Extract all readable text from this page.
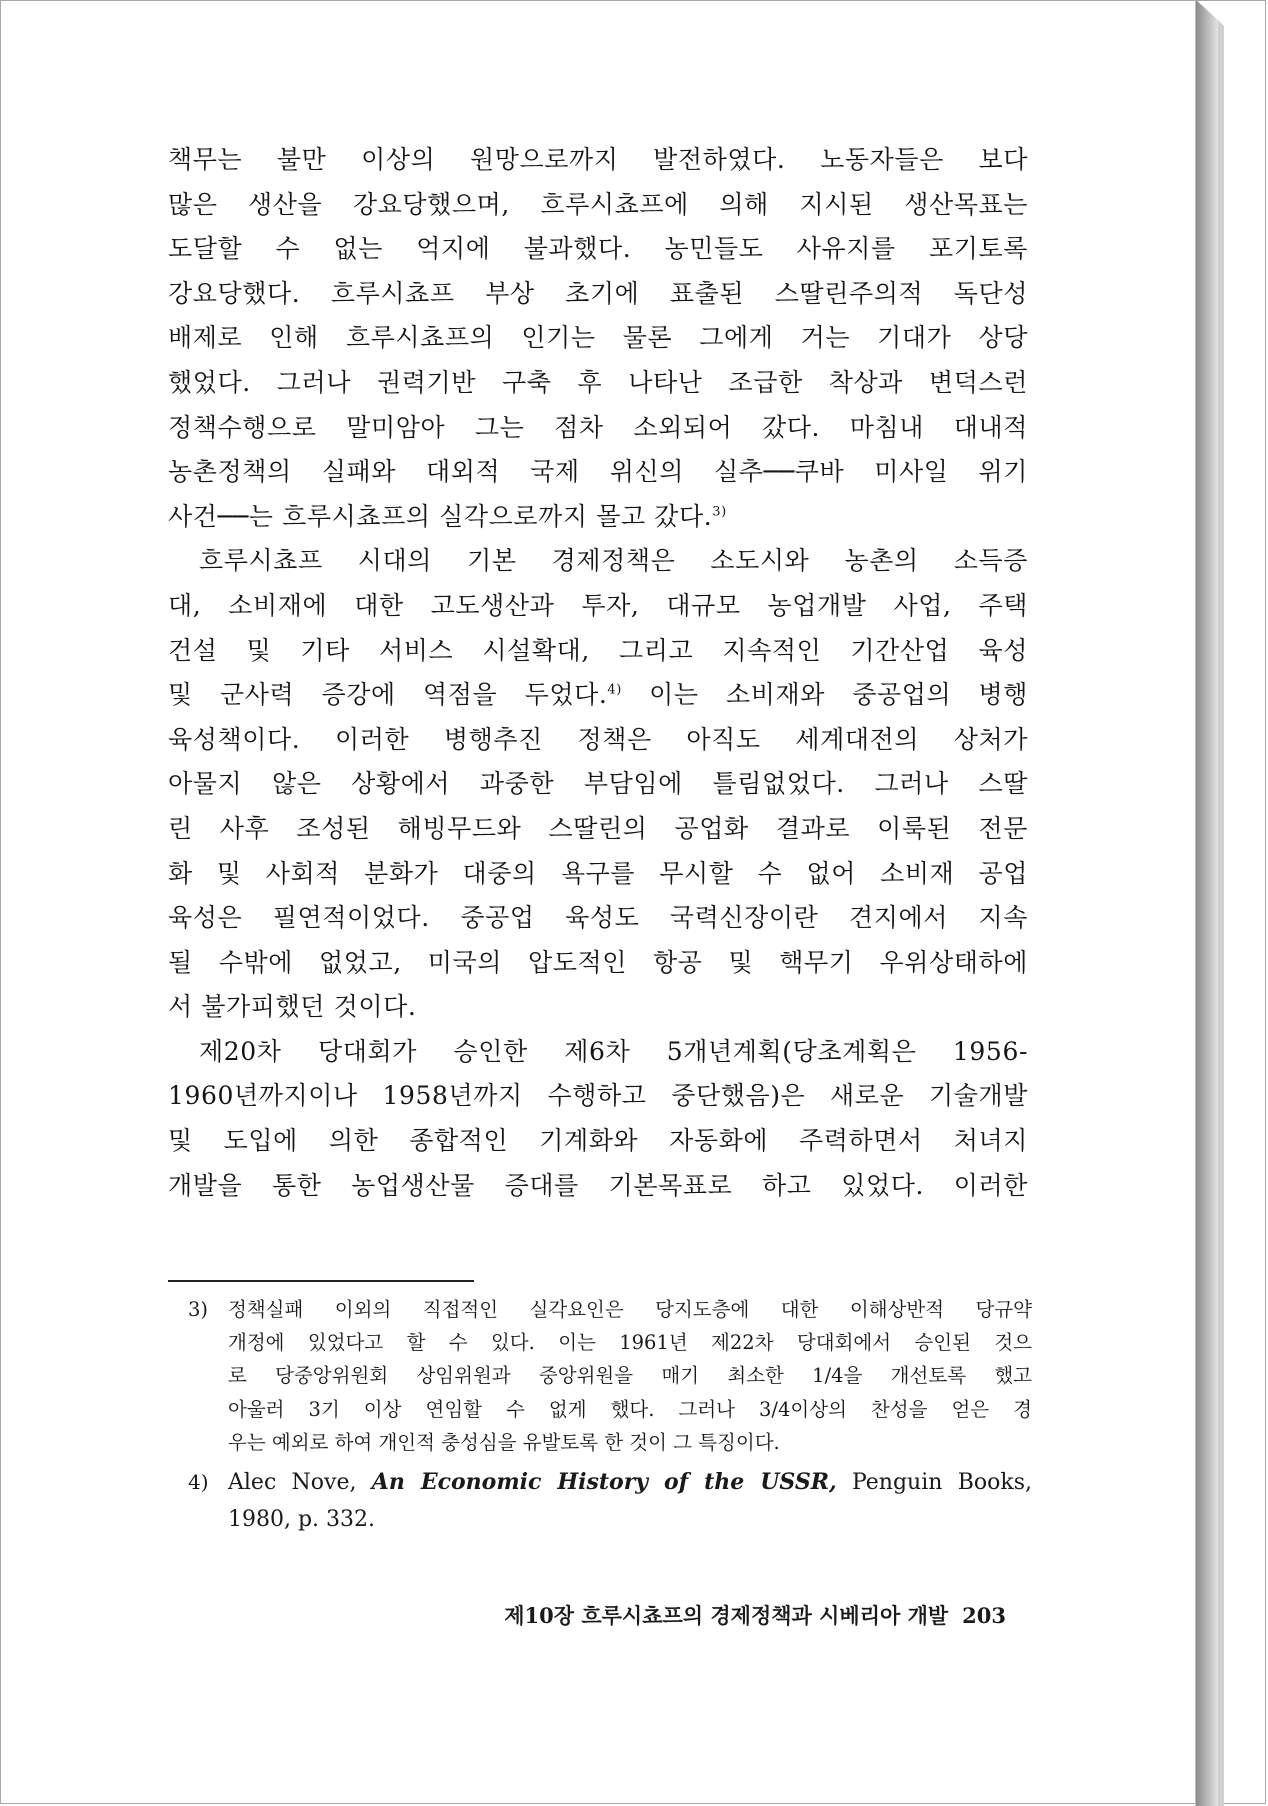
책무는 불만 이상의 원망으로까지 발전하였다. 노동자들은 보다

많은 생산을 강요당했으며, 흐루시쵸프에 의해 지시된 생산목표는

도달할 수 없는 억지에 불과했다. 농민들도 사유지를 포기토록

강요당했다. 흐루시쵸프 부상 초기에 표출된 스딸린주의적 독단성

배제로 인해 흐루시쵸프의 인기는 물론 그에게 거는 기대가 상당

했었다. 그러나 권력기반 구축 후 나타난 조급한 착상과 변덕스런

정책수행으로 말미암아 그는 점차 소외되어 갔다. 마침내 대내적

농촌정책의 실패와 대외적 국제 위신의 실추──쿠바 미사일 위기

사건──는 흐루시쵸프의 실각으로까지 몰고 갔다.$^{3)}$

흐루시쵸프 시대의 기본 경제정책은 소도시와 농촌의 소득증

대, 소비재에 대한 고도생산과 투자, 대규모 농업개발 사업, 주택

건설 및 기타 서비스 시설확대, 그리고 지속적인 기간산업 육성

및 군사력 증강에 역점을 두었다.$^{4)}$ 이는 소비재와 중공업의 병행

육성책이다. 이러한 병행추진 정책은 아직도 세계대전의 상처가

아물지 않은 상황에서 과중한 부담임에 틀림없었다. 그러나 스딸

린 사후 조성된 해빙무드와 스딸린의 공업화 결과로 이룩된 전문

화 및 사회적 분화가 대중의 욕구를 무시할 수 없어 소비재 공업

육성은 필연적이었다. 중공업 육성도 국력신장이란 견지에서 지속

될 수밖에 없었고, 미국의 압도적인 항공 및 핵무기 우위상태하에

서 불가피했던 것이다.

제20차 당대회가 승인한 제6차 5개년계획(당초계획은 1956-

1960년까지이나 1958년까지 수행하고 중단했음)은 새로운 기술개발

및 도입에 의한 종합적인 기계화와 자동화에 주력하면서 처녀지

개발을 통한 농업생산물 증대를 기본목표로 하고 있었다. 이러한

3) 정책실패 이외의 직접적인 실각요인은 당지도층에 대한 이해상반적 당규약
개정에 있었다고 할 수 있다. 이는 1961년 제22차 당대회에서 승인된 것으
로 당중앙위원회 상임위원과 중앙위원을 매기 최소한 1/4을 개선토록 했고
아울러 3기 이상 연임할 수 없게 했다. 그러나 3/4이상의 찬성을 얻은 경
우는 예외로 하여 개인적 충성심을 유발토록 한 것이 그 특징이다.
4) Alec Nove, An Economic History of the USSR, Penguin Books,
1980, p. 332.
제10장 흐루시쵸프의 경제정책과 시베리아 개발 203
